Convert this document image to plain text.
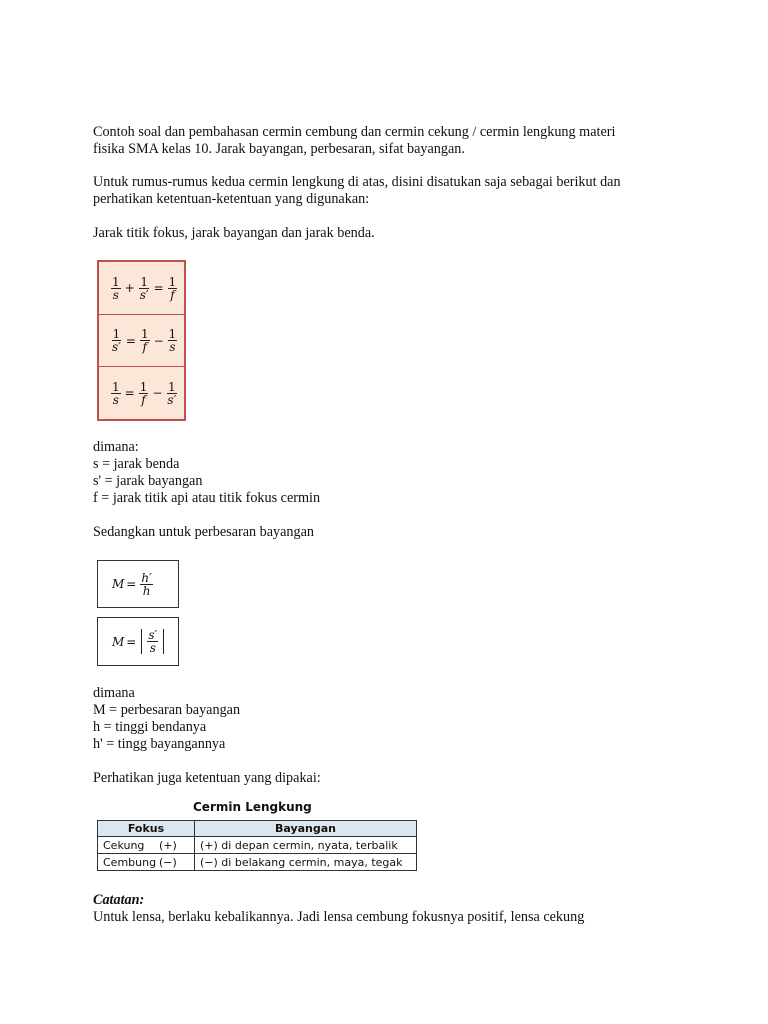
Contoh soal dan pembahasan cermin cembung dan cermin cekung / cermin lengkung materi
fisika SMA kelas 10. Jarak bayangan, perbesaran, sifat bayangan.
Untuk rumus-rumus kedua cermin lengkung di atas, disini disatukan saja sebagai berikut dan
perhatikan ketentuan-ketentuan yang digunakan:
Jarak titik fokus, jarak bayangan dan jarak benda.
$\frac{1}{s} + \frac{1}{s'} = \frac{1}{f}$
$\frac{1}{s'} = \frac{1}{f} - \frac{1}{s}$
$\frac{1}{s} = \frac{1}{f} - \frac{1}{s'}$
dimana:
s = jarak benda
s' = jarak bayangan
f = jarak titik api atau titik fokus cermin
Sedangkan untuk perbesaran bayangan
$M = \frac{h'}{h}$
$M = \frac{s'}{s}$
dimana
M = perbesaran bayangan
h = tinggi bendanya
h' = tingg bayangannya
Perhatikan juga ketentuan yang dipakai:
Cermin Lengkung
Fokus	Bayangan
Cekung (+)	(+) di depan cermin, nyata, terbalik
Cembung (−)	(−) di belakang cermin, maya, tegak
Catatan:
Untuk lensa, berlaku kebalikannya. Jadi lensa cembung fokusnya positif, lensa cekung
